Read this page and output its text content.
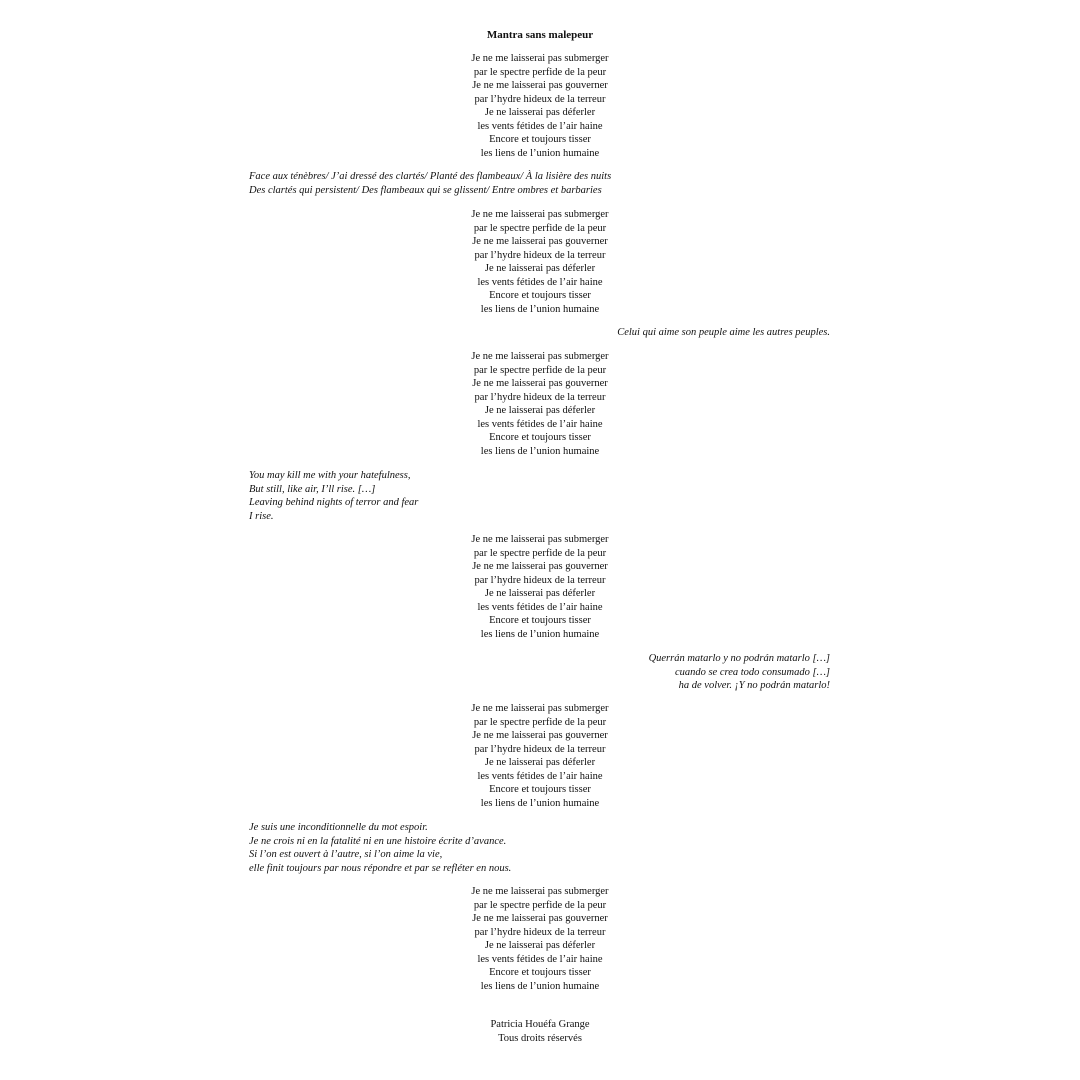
Mantra sans malepeur
Je ne me laisserai pas submerger
par le spectre perfide de la peur
Je ne me laisserai pas gouverner
par l’hydre hideux de la terreur
Je ne laisserai pas déferler
les vents fétides de l’air haine
Encore et toujours tisser
les liens de l’union humaine
Face aux ténèbres/ J’ai dressé des clartés/ Planté des flambeaux/ À la lisière des nuits
Des clartés qui persistent/ Des flambeaux qui se glissent/ Entre ombres et barbaries
Je ne me laisserai pas submerger
par le spectre perfide de la peur
Je ne me laisserai pas gouverner
par l’hydre hideux de la terreur
Je ne laisserai pas déferler
les vents fétides de l’air haine
Encore et toujours tisser
les liens de l’union humaine
Celui qui aime son peuple aime les autres peuples.
Je ne me laisserai pas submerger
par le spectre perfide de la peur
Je ne me laisserai pas gouverner
par l’hydre hideux de la terreur
Je ne laisserai pas déferler
les vents fétides de l’air haine
Encore et toujours tisser
les liens de l’union humaine
You may kill me with your hatefulness,
But still, like air, I’ll rise. […]
Leaving behind nights of terror and fear
I rise.
Je ne me laisserai pas submerger
par le spectre perfide de la peur
Je ne me laisserai pas gouverner
par l’hydre hideux de la terreur
Je ne laisserai pas déferler
les vents fétides de l’air haine
Encore et toujours tisser
les liens de l’union humaine
Querrán matarlo y no podrán matarlo […]
cuando se crea todo consumado […]
ha de volver. ¡Y no podrán matarlo!
Je ne me laisserai pas submerger
par le spectre perfide de la peur
Je ne me laisserai pas gouverner
par l’hydre hideux de la terreur
Je ne laisserai pas déferler
les vents fétides de l’air haine
Encore et toujours tisser
les liens de l’union humaine
Je suis une inconditionnelle du mot espoir.
Je ne crois ni en la fatalité ni en une histoire écrite d’avance.
Si l’on est ouvert à l’autre, si l’on aime la vie,
elle finit toujours par nous répondre et par se refléter en nous.
Je ne me laisserai pas submerger
par le spectre perfide de la peur
Je ne me laisserai pas gouverner
par l’hydre hideux de la terreur
Je ne laisserai pas déferler
les vents fétides de l’air haine
Encore et toujours tisser
les liens de l’union humaine
Patricia Houéfa Grange
Tous droits réservés
